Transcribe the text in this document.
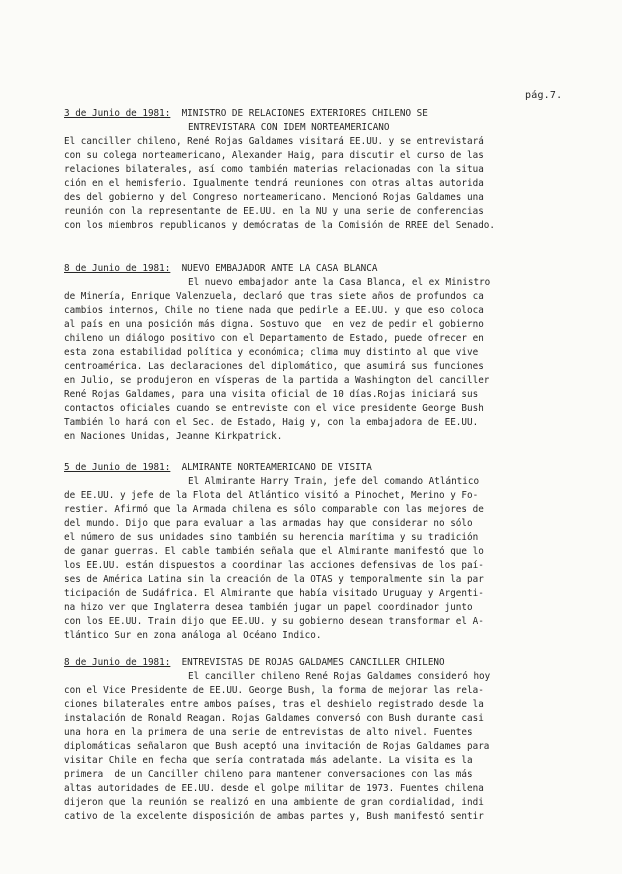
pág.7.
3 de Junio de 1981: MINISTRO DE RELACIONES EXTERIORES CHILENO SE
ENTREVISTARA CON IDEM NORTEAMERICANO
El canciller chileno, René Rojas Galdames visitará EE.UU. y se entrevistará
con su colega norteamericano, Alexander Haig, para discutir el curso de las
relaciones bilaterales, así como también materias relacionadas con la situa
ción en el hemisferio. Igualmente tendrá reuniones con otras altas autorida
des del gobierno y del Congreso norteamericano. Mencionó Rojas Galdames una
reunión con la representante de EE.UU. en la NU y una serie de conferencias
con los miembros republicanos y demócratas de la Comisión de RREE del Senado.
8 de Junio de 1981: NUEVO EMBAJADOR ANTE LA CASA BLANCA
El nuevo embajador ante la Casa Blanca, el ex Ministro
de Minería, Enrique Valenzuela, declaró que tras siete años de profundos ca
cambios internos, Chile no tiene nada que pedirle a EE.UU. y que eso coloca
al país en una posición más digna. Sostuvo que  en vez de pedir el gobierno
chileno un diálogo positivo con el Departamento de Estado, puede ofrecer en
esta zona estabilidad política y económica; clima muy distinto al que vive
centroamérica. Las declaraciones del diplomático, que asumirá sus funciones
en Julio, se produjeron en vísperas de la partida a Washington del canciller
René Rojas Galdames, para una visita oficial de 10 días.Rojas iniciará sus
contactos oficiales cuando se entreviste con el vice presidente George Bush
También lo hará con el Sec. de Estado, Haig y, con la embajadora de EE.UU.
en Naciones Unidas, Jeanne Kirkpatrick.
5 de Junio de 1981: ALMIRANTE NORTEAMERICANO DE VISITA
El Almirante Harry Train, jefe del comando Atlántico
de EE.UU. y jefe de la Flota del Atlántico visitó a Pinochet, Merino y Fo-
restier. Afirmó que la Armada chilena es sólo comparable con las mejores de
del mundo. Dijo que para evaluar a las armadas hay que considerar no sólo
el número de sus unidades sino también su herencia marítima y su tradición
de ganar guerras. El cable también señala que el Almirante manifestó que lo
los EE.UU. están dispuestos a coordinar las acciones defensivas de los paí-
ses de América Latina sin la creación de la OTAS y temporalmente sin la par
ticipación de Sudáfrica. El Almirante que había visitado Uruguay y Argenti-
na hizo ver que Inglaterra desea también jugar un papel coordinador junto
con los EE.UU. Train dijo que EE.UU. y su gobierno desean transformar el A-
tlántico Sur en zona análoga al Océano Indico.
8 de Junio de 1981: ENTREVISTAS DE ROJAS GALDAMES CANCILLER CHILENO
El canciller chileno René Rojas Galdames consideró hoy
con el Vice Presidente de EE.UU. George Bush, la forma de mejorar las rela-
ciones bilaterales entre ambos países, tras el deshielo registrado desde la
instalación de Ronald Reagan. Rojas Galdames conversó con Bush durante casi
una hora en la primera de una serie de entrevistas de alto nivel. Fuentes
diplomáticas señalaron que Bush aceptó una invitación de Rojas Galdames para
visitar Chile en fecha que sería contratada más adelante. La visita es la
primera  de un Canciller chileno para mantener conversaciones con las más
altas autoridades de EE.UU. desde el golpe militar de 1973. Fuentes chilena
dijeron que la reunión se realizó en una ambiente de gran cordialidad, indi
cativo de la excelente disposición de ambas partes y, Bush manifestó sentir
